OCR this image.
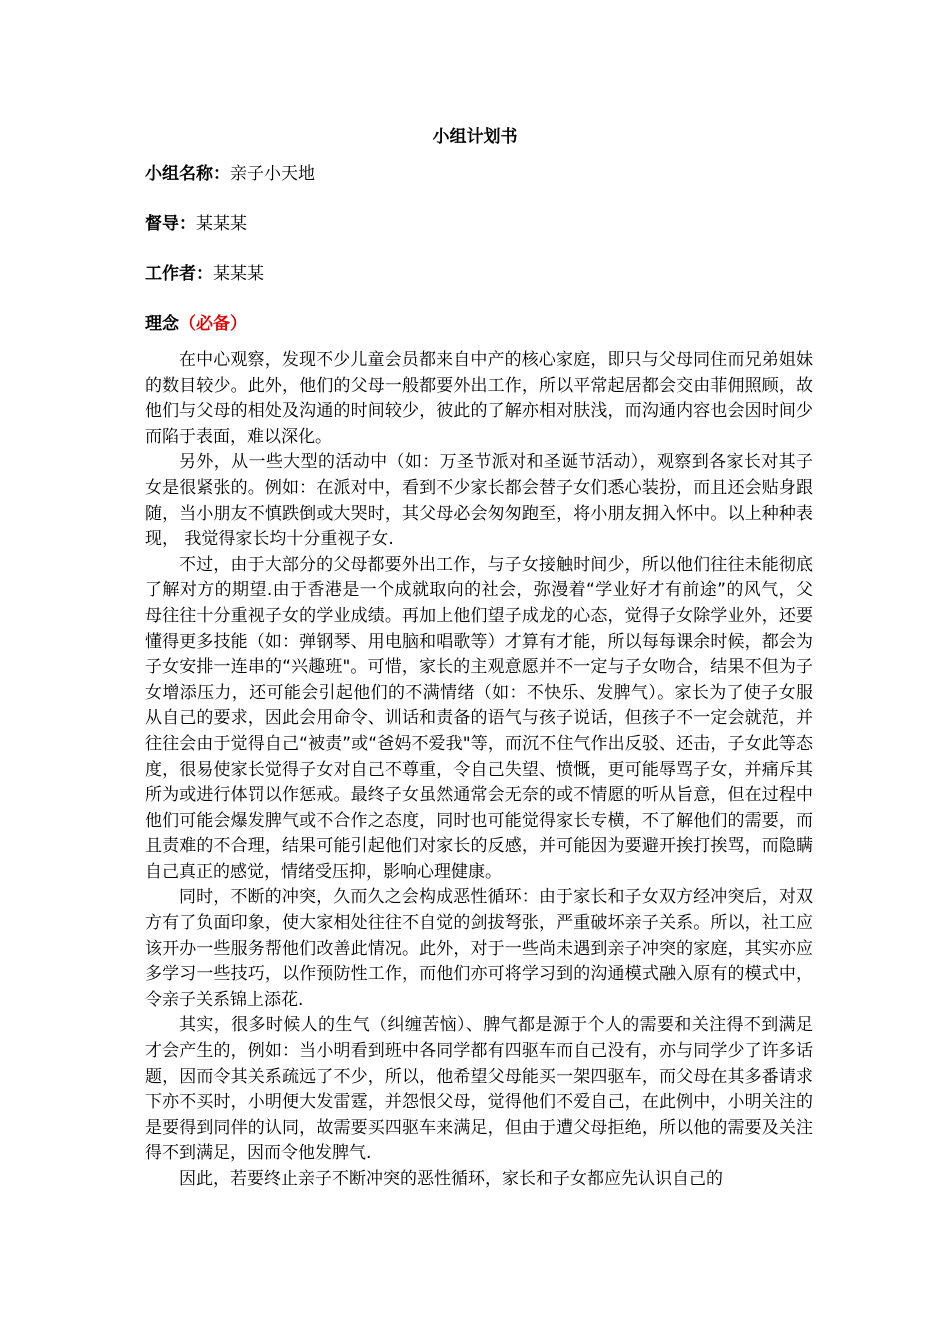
小组计划书
小组名称：亲子小天地
督导：某某某
工作者：某某某
理念（必备）

在中心观察，发现不少儿童会员都来自中产的核心家庭，即只与父母同住而兄弟姐妹的数目较少。此外，他们的父母一般都要外出工作，所以平常起居都会交由菲佣照顾，故他们与父母的相处及沟通的时间较少，彼此的了解亦相对肤浅，而沟通内容也会因时间少而陷于表面，难以深化。

另外，从一些大型的活动中（如：万圣节派对和圣诞节活动），观察到各家长对其子女是很紧张的。例如：在派对中，看到不少家长都会替子女们悉心装扮，而且还会贴身跟随，当小朋友不慎跌倒或大哭时，其父母必会匆匆跑至，将小朋友拥入怀中。以上种种表现， 我觉得家长均十分重视子女.

不过，由于大部分的父母都要外出工作，与子女接触时间少，所以他们往往未能彻底了解对方的期望.由于香港是一个成就取向的社会，弥漫着“学业好才有前途”的风气，父母往往十分重视子女的学业成绩。再加上他们望子成龙的心态，觉得子女除学业外，还要懂得更多技能（如：弹钢琴、用电脑和唱歌等）才算有才能，所以每每课余时候，都会为子女安排一连串的“兴趣班"。可惜，家长的主观意愿并不一定与子女吻合，结果不但为子女增添压力，还可能会引起他们的不满情绪（如：不快乐、发脾气）。家长为了使子女服从自己的要求，因此会用命令、训话和责备的语气与孩子说话，但孩子不一定会就范，并往往会由于觉得自己“被责”或“爸妈不爱我"等，而沉不住气作出反驳、还击，子女此等态度，很易使家长觉得子女对自己不尊重，令自己失望、愤慨，更可能辱骂子女，并痛斥其所为或进行体罚以作惩戒。最终子女虽然通常会无奈的或不情愿的听从旨意，但在过程中他们可能会爆发脾气或不合作之态度，同时也可能觉得家长专横，不了解他们的需要，而且责难的不合理，结果可能引起他们对家长的反感，并可能因为要避开挨打挨骂，而隐瞒自己真正的感觉，情绪受压抑，影响心理健康。

同时，不断的冲突，久而久之会构成恶性循环：由于家长和子女双方经冲突后，对双方有了负面印象，使大家相处往往不自觉的剑拔弩张，严重破坏亲子关系。所以，社工应该开办一些服务帮他们改善此情况。此外，对于一些尚未遇到亲子冲突的家庭，其实亦应多学习一些技巧，以作预防性工作，而他们亦可将学习到的沟通模式融入原有的模式中，令亲子关系锦上添花.

其实，很多时候人的生气（纠缠苦恼）、脾气都是源于个人的需要和关注得不到满足才会产生的，例如：当小明看到班中各同学都有四驱车而自己没有，亦与同学少了许多话题，因而令其关系疏远了不少，所以，他希望父母能买一架四驱车，而父母在其多番请求下亦不买时，小明便大发雷霆，并怨恨父母，觉得他们不爱自己，在此例中，小明关注的是要得到同伴的认同，故需要买四驱车来满足，但由于遭父母拒绝，所以他的需要及关注得不到满足，因而令他发脾气.

因此，若要终止亲子不断冲突的恶性循环，家长和子女都应先认识自己的
